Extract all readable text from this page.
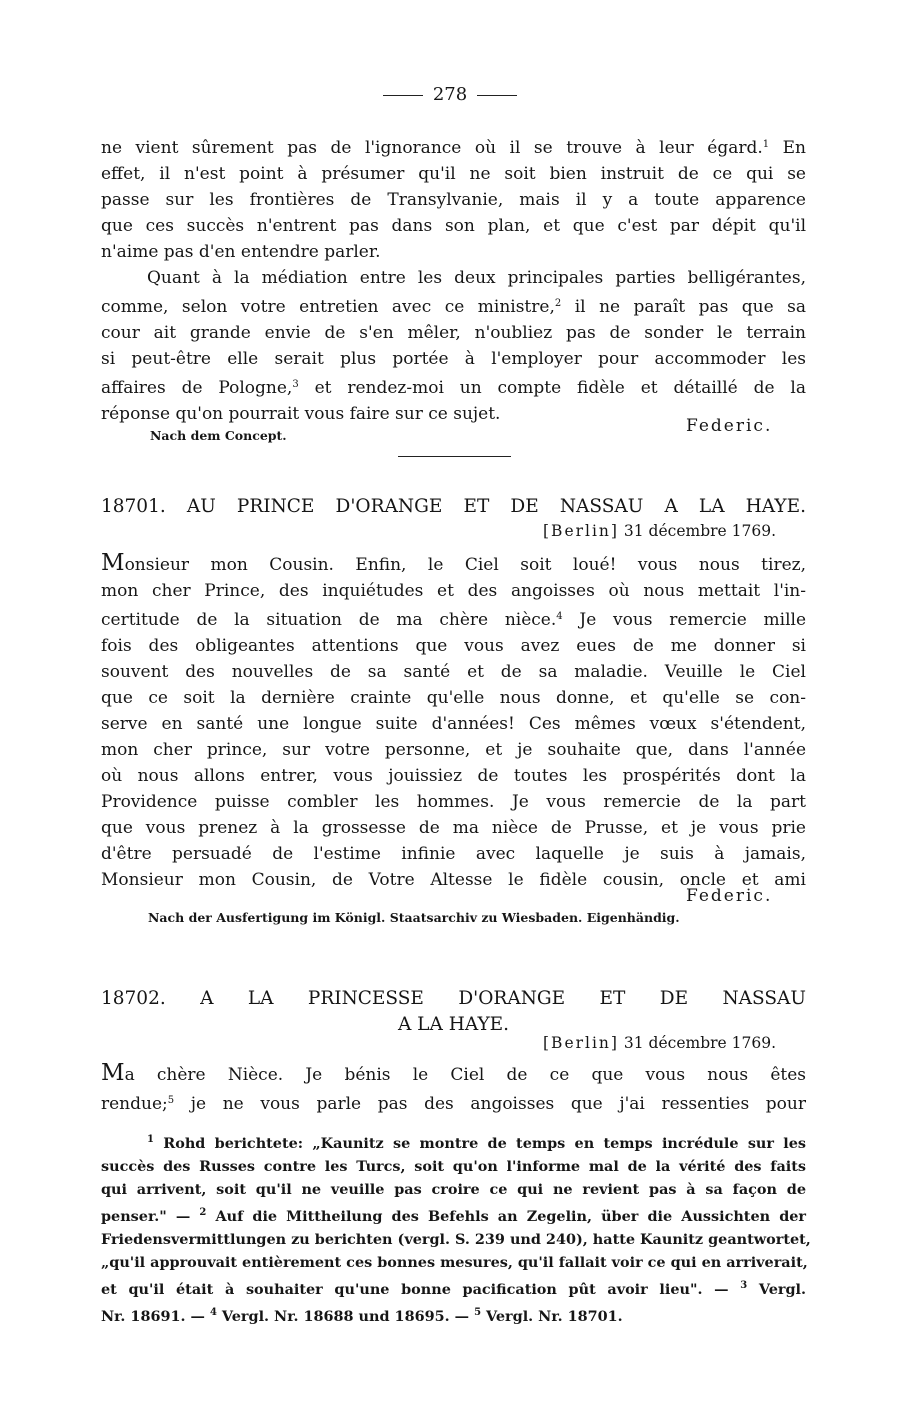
278
ne vient sûrement pas de l'ignorance où il se trouve à leur égard.$^1$ En
effet, il n'est point à présumer qu'il ne soit bien instruit de ce qui se
passe sur les frontières de Transylvanie, mais il y a toute apparence
que ces succès n'entrent pas dans son plan, et que c'est par dépit qu'il
n'aime pas d'en entendre parler.
Quant à la médiation entre les deux principales parties belligérantes,
comme, selon votre entretien avec ce ministre,$^2$ il ne paraît pas que sa
cour ait grande envie de s'en mêler, n'oubliez pas de sonder le terrain
si peut-être elle serait plus portée à l'employer pour accommoder les
affaires de Pologne,$^3$ et rendez-moi un compte fidèle et détaillé de la
réponse qu'on pourrait vous faire sur ce sujet.
Nach dem Concept.	Federic.
18701. AU PRINCE D'ORANGE ET DE NASSAU A LA HAYE.
[Berlin] 31 décembre 1769.
Monsieur mon Cousin. Enfin, le Ciel soit loué! vous nous tirez,
mon cher Prince, des inquiétudes et des angoisses où nous mettait l'in-
certitude de la situation de ma chère nièce.$^4$ Je vous remercie mille
fois des obligeantes attentions que vous avez eues de me donner si
souvent des nouvelles de sa santé et de sa maladie. Veuille le Ciel
que ce soit la dernière crainte qu'elle nous donne, et qu'elle se con-
serve en santé une longue suite d'années! Ces mêmes vœux s'étendent,
mon cher prince, sur votre personne, et je souhaite que, dans l'année
où nous allons entrer, vous jouissiez de toutes les prospérités dont la
Providence puisse combler les hommes. Je vous remercie de la part
que vous prenez à la grossesse de ma nièce de Prusse, et je vous prie
d'être persuadé de l'estime infinie avec laquelle je suis à jamais,
Monsieur mon Cousin, de Votre Altesse le fidèle cousin, oncle et ami
Federic.
Nach der Ausfertigung im Königl. Staatsarchiv zu Wiesbaden. Eigenhändig.
18702. A LA PRINCESSE D'ORANGE ET DE NASSAU
A LA HAYE.
[Berlin] 31 décembre 1769.
Ma chère Nièce. Je bénis le Ciel de ce que vous nous êtes
rendue;$^5$ je ne vous parle pas des angoisses que j'ai ressenties pour
$^1$ Rohd berichtete: „Kaunitz se montre de temps en temps incrédule sur les
succès des Russes contre les Turcs, soit qu'on l'informe mal de la vérité des faits
qui arrivent, soit qu'il ne veuille pas croire ce qui ne revient pas à sa façon de
penser." — $^2$ Auf die Mittheilung des Befehls an Zegelin, über die Aussichten der
Friedensvermittlungen zu berichten (vergl. S. 239 und 240), hatte Kaunitz geantwortet,
„qu'il approuvait entièrement ces bonnes mesures, qu'il fallait voir ce qui en arriverait,
et qu'il était à souhaiter qu'une bonne pacification pût avoir lieu". — $^3$ Vergl.
Nr. 18691. — $^4$ Vergl. Nr. 18688 und 18695. — $^5$ Vergl. Nr. 18701.
